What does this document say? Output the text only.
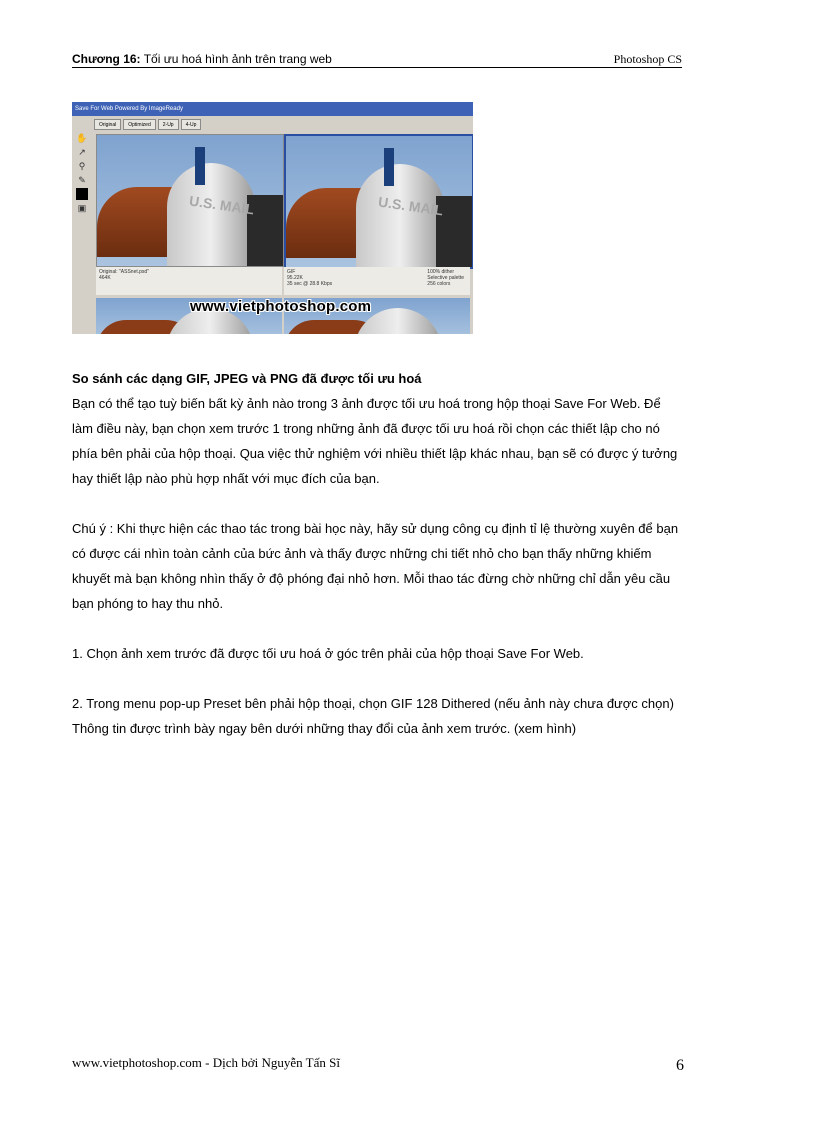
Chương 16: Tối ưu hoá hình ảnh trên trang web	Photoshop CS
Save For Web Powered By ImageReady
Original	Optimized	2-Up	4-Up
✋
↗
⚲
✎
▣	U.S. MAIL	U.S. MAIL
Original: "ASSnet.psd"
464K
GIF
95.22K
35 sec @ 28.8 Kbps
100% dither
Selective palette
256 colors
www.vietphotoshop.com
So sánh các dạng GIF, JPEG và PNG đã được tối ưu hoá

Bạn có thể tạo tuỳ biến bất kỳ ảnh nào trong 3 ảnh được tối ưu hoá trong hộp thoại Save For Web. Để làm điều này, bạn chọn xem trước 1 trong những ảnh đã được tối ưu hoá rồi chọn các thiết lập cho nó phía bên phải của hộp thoại. Qua việc thử nghiệm với nhiều thiết lập khác nhau, bạn sẽ có được ý tưởng hay thiết lập nào phù hợp nhất với mục đích của bạn.

Chú ý : Khi thực hiện các thao tác trong bài học này, hãy sử dụng công cụ định tỉ lệ thường xuyên để bạn có được cái nhìn toàn cảnh của bức ảnh và thấy được những chi tiết nhỏ cho bạn thấy những khiếm khuyết mà bạn không nhìn thấy ở độ phóng đại nhỏ hơn. Mỗi thao tác đừng chờ những chỉ dẫn yêu cầu bạn phóng to hay thu nhỏ.

1. Chọn ảnh xem trước đã được tối ưu hoá ở góc trên phải của hộp thoại Save For Web.

2. Trong menu pop-up Preset bên phải hộp thoại, chọn GIF 128 Dithered (nếu ảnh này chưa được chọn)

Thông tin được trình bày ngay bên dưới những thay đổi của ảnh xem trước. (xem hình)

www.vietphotoshop.com - Dịch bởi Nguyễn Tấn Sĩ	6
